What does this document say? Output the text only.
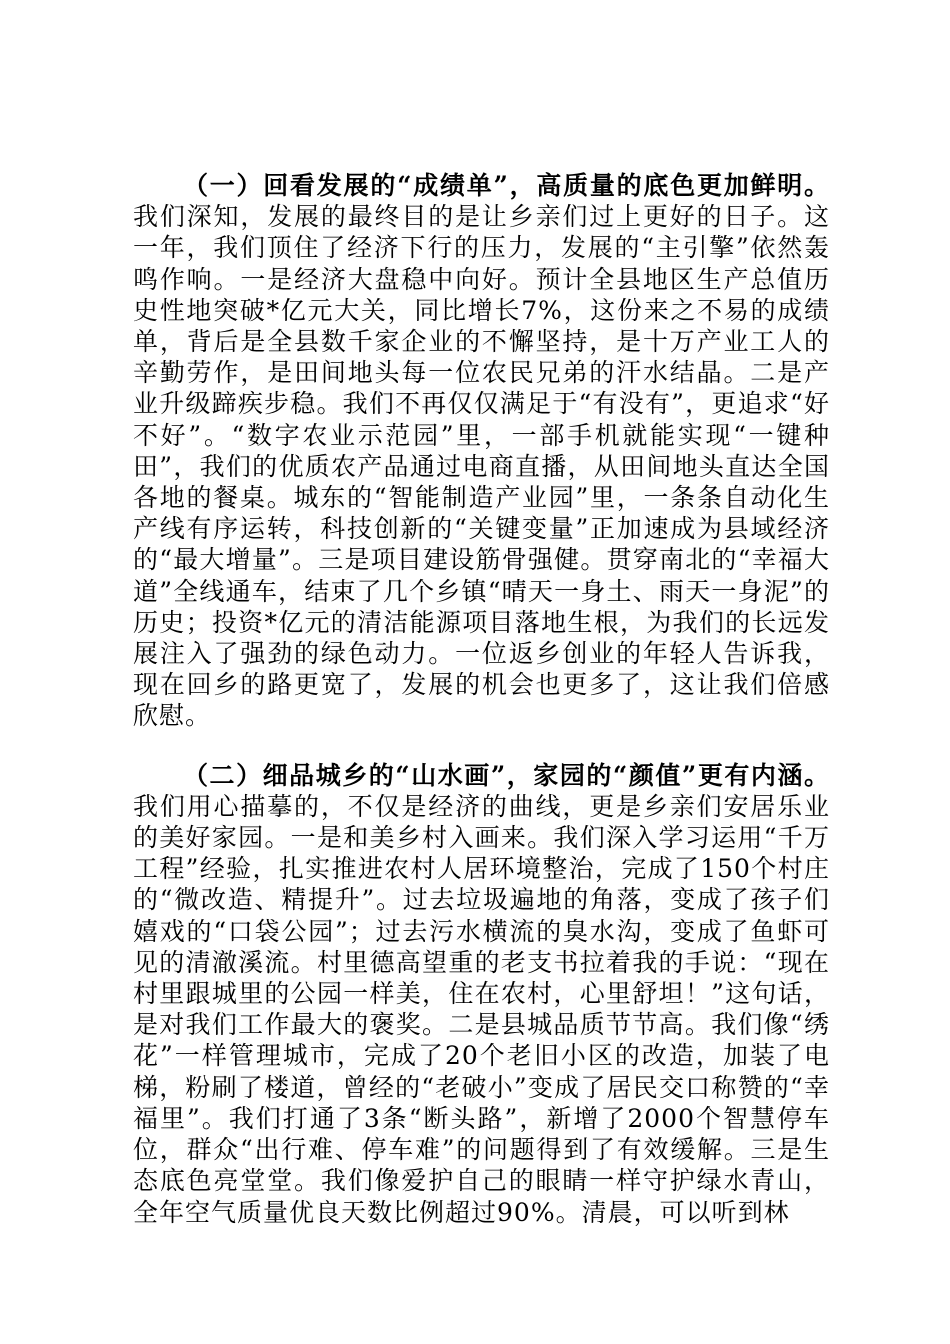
（一）回看发展的“成绩单”，高质量的底色更加鲜明。我们深知，发展的最终目的是让乡亲们过上更好的日子。这一年，我们顶住了经济下行的压力，发展的“主引擎”依然轰鸣作响。一是经济大盘稳中向好。预计全县地区生产总值历史性地突破*亿元大关，同比增长7%，这份来之不易的成绩单，背后是全县数千家企业的不懈坚持，是十万产业工人的辛勤劳作，是田间地头每一位农民兄弟的汗水结晶。二是产业升级蹄疾步稳。我们不再仅仅满足于“有没有”，更追求“好不好”。“数字农业示范园”里，一部手机就能实现“一键种田”，我们的优质农产品通过电商直播，从田间地头直达全国各地的餐桌。城东的“智能制造产业园”里，一条条自动化生产线有序运转，科技创新的“关键变量”正加速成为县域经济的“最大增量”。三是项目建设筋骨强健。贯穿南北的“幸福大道”全线通车，结束了几个乡镇“晴天一身土、雨天一身泥”的历史；投资*亿元的清洁能源项目落地生根，为我们的长远发展注入了强劲的绿色动力。一位返乡创业的年轻人告诉我，现在回乡的路更宽了，发展的机会也更多了，这让我们倍感欣慰。

（二）细品城乡的“山水画”，家园的“颜值”更有内涵。我们用心描摹的，不仅是经济的曲线，更是乡亲们安居乐业的美好家园。一是和美乡村入画来。我们深入学习运用“千万工程”经验，扎实推进农村人居环境整治，完成了150个村庄的“微改造、精提升”。过去垃圾遍地的角落，变成了孩子们嬉戏的“口袋公园”；过去污水横流的臭水沟，变成了鱼虾可见的清澈溪流。村里德高望重的老支书拉着我的手说：“现在村里跟城里的公园一样美，住在农村，心里舒坦！”这句话，是对我们工作最大的褒奖。二是县城品质节节高。我们像“绣花”一样管理城市，完成了20个老旧小区的改造，加装了电梯，粉刷了楼道，曾经的“老破小”变成了居民交口称赞的“幸福里”。我们打通了3条“断头路”，新增了2000个智慧停车位，群众“出行难、停车难”的问题得到了有效缓解。三是生态底色亮堂堂。我们像爱护自己的眼睛一样守护绿水青山，全年空气质量优良天数比例超过90%。清晨，可以听到林
